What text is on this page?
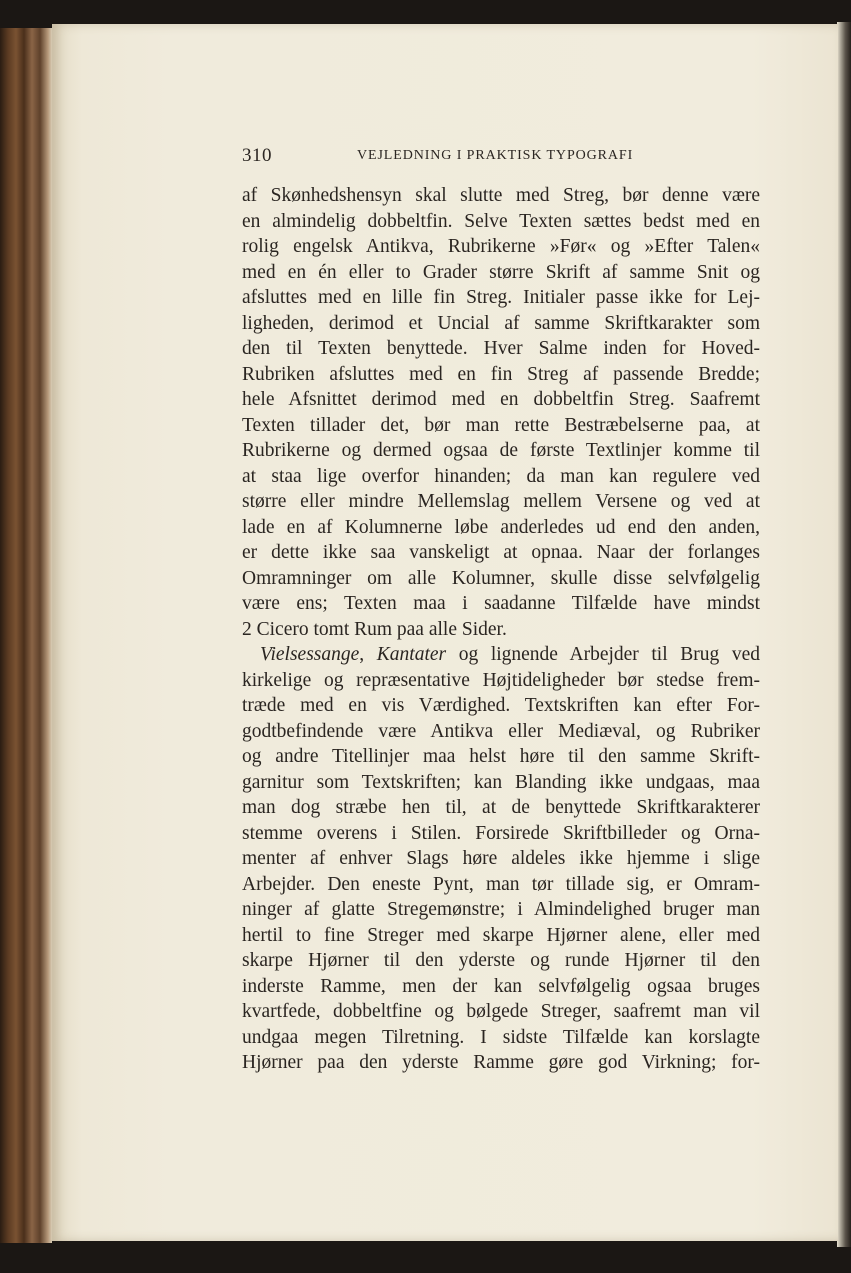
310	VEJLEDNING I PRAKTISK TYPOGRAFI
af Skønhedshensyn skal slutte med Streg, bør denne være
en almindelig dobbeltfin. Selve Texten sættes bedst med en
rolig engelsk Antikva, Rubrikerne »Før« og »Efter Talen«
med en én eller to Grader større Skrift af samme Snit og
afsluttes med en lille fin Streg. Initialer passe ikke for Lej-
ligheden, derimod et Uncial af samme Skriftkarakter som
den til Texten benyttede. Hver Salme inden for Hoved-
Rubriken afsluttes med en fin Streg af passende Bredde;
hele Afsnittet derimod med en dobbeltfin Streg. Saafremt
Texten tillader det, bør man rette Bestræbelserne paa, at
Rubrikerne og dermed ogsaa de første Textlinjer komme til
at staa lige overfor hinanden; da man kan regulere ved
større eller mindre Mellemslag mellem Versene og ved at
lade en af Kolumnerne løbe anderledes ud end den anden,
er dette ikke saa vanskeligt at opnaa. Naar der forlanges
Omramninger om alle Kolumner, skulle disse selvfølgelig
være ens; Texten maa i saadanne Tilfælde have mindst
2 Cicero tomt Rum paa alle Sider.
Vielsessange, Kantater og lignende Arbejder til Brug ved
kirkelige og repræsentative Højtideligheder bør stedse frem-
træde med en vis Værdighed. Textskriften kan efter For-
godtbefindende være Antikva eller Mediæval, og Rubriker
og andre Titellinjer maa helst høre til den samme Skrift-
garnitur som Textskriften; kan Blanding ikke undgaas, maa
man dog stræbe hen til, at de benyttede Skriftkarakterer
stemme overens i Stilen. Forsirede Skriftbilleder og Orna-
menter af enhver Slags høre aldeles ikke hjemme i slige
Arbejder. Den eneste Pynt, man tør tillade sig, er Omram-
ninger af glatte Stregemønstre; i Almindelighed bruger man
hertil to fine Streger med skarpe Hjørner alene, eller med
skarpe Hjørner til den yderste og runde Hjørner til den
inderste Ramme, men der kan selvfølgelig ogsaa bruges
kvartfede, dobbeltfine og bølgede Streger, saafremt man vil
undgaa megen Tilretning. I sidste Tilfælde kan korslagte
Hjørner paa den yderste Ramme gøre god Virkning; for-
